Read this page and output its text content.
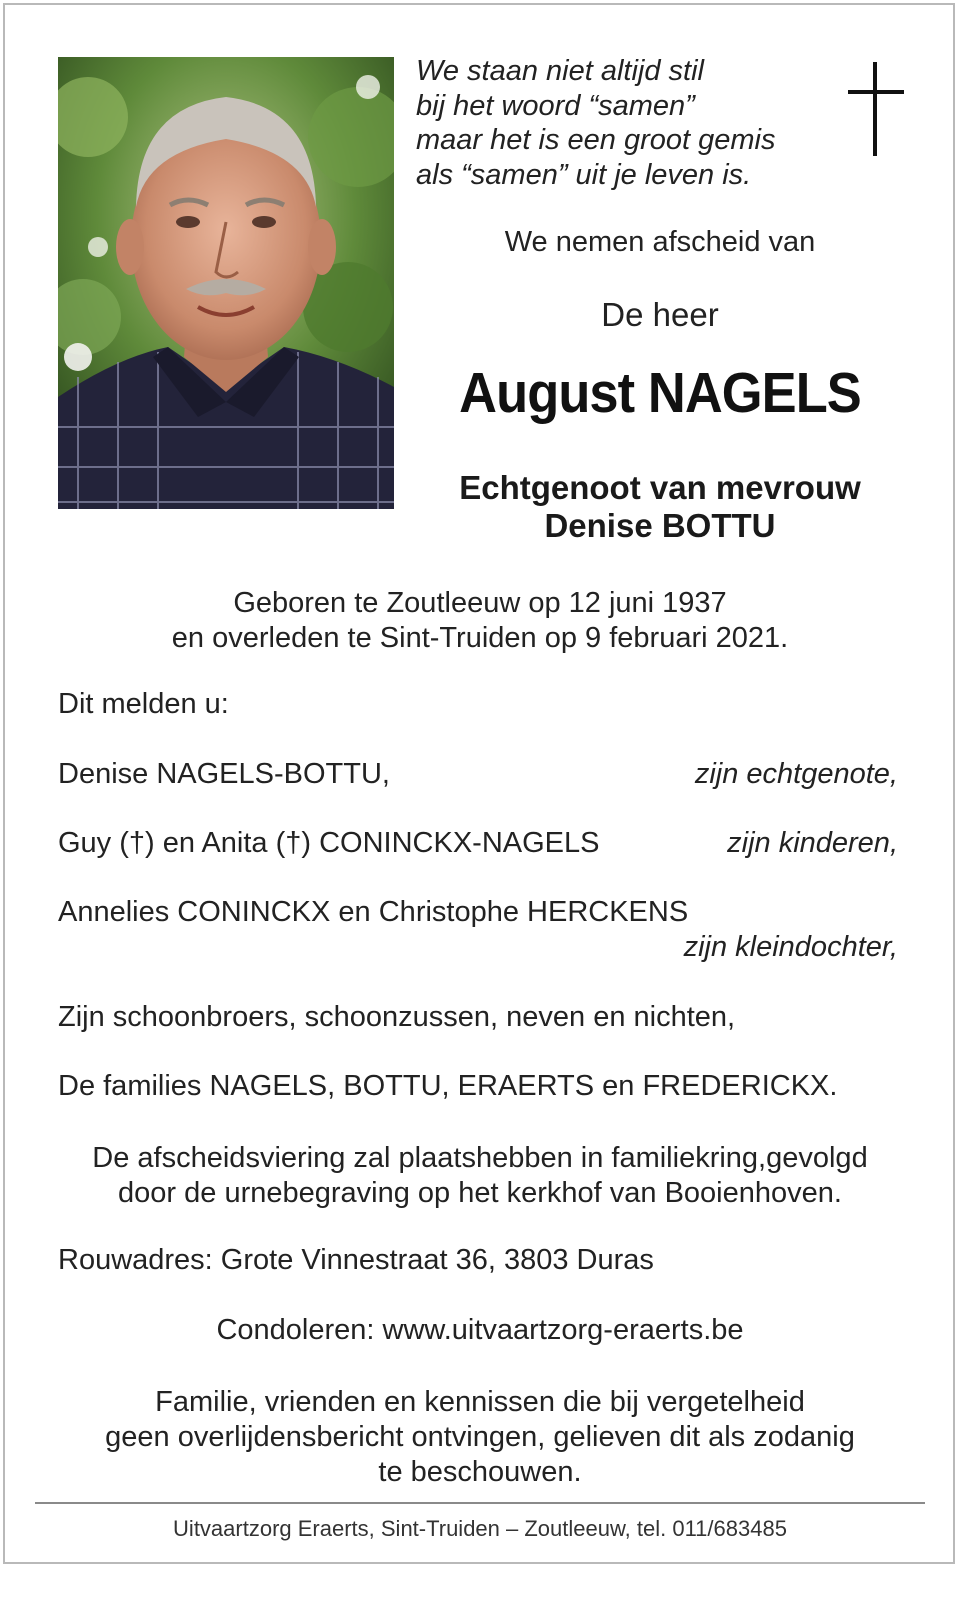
We staan niet altijd stil
bij het woord “samen”
maar het is een groot gemis
als “samen” uit je leven is.
We nemen afscheid van
De heer
August NAGELS
Echtgenoot van mevrouw
Denise BOTTU
Geboren te Zoutleeuw op 12 juni 1937
en overleden te Sint-Truiden op 9 februari 2021.
Dit melden u:
Denise NAGELS-BOTTU,	zijn echtgenote,
Guy (†) en Anita (†) CONINCKX-NAGELS	zijn kinderen,
Annelies CONINCKX en Christophe HERCKENS
zijn kleindochter,
Zijn schoonbroers, schoonzussen, neven en nichten,
De families NAGELS, BOTTU, ERAERTS en FREDERICKX.
De afscheidsviering zal plaatshebben in familiekring,gevolgd
door de urnebegraving op het kerkhof van Booienhoven.
Rouwadres: Grote Vinnestraat 36, 3803 Duras
Condoleren: www.uitvaartzorg-eraerts.be
Familie, vrienden en kennissen die bij vergetelheid
geen overlijdensbericht ontvingen, gelieven dit als zodanig
te beschouwen.
Uitvaartzorg Eraerts, Sint-Truiden – Zoutleeuw, tel. 011/683485
